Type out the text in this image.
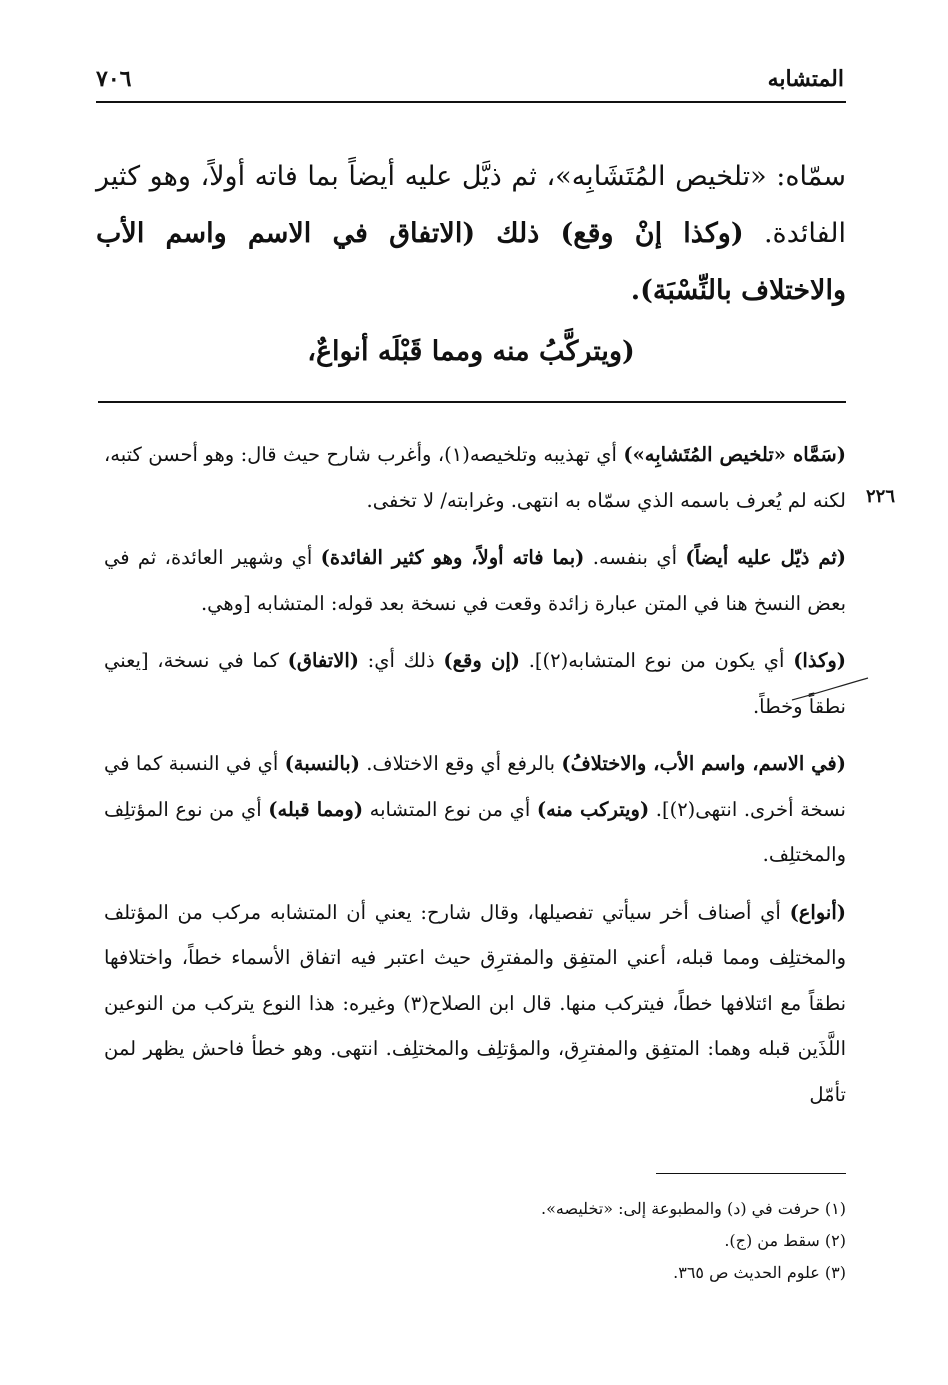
٧٠٦	المتشابه

سمّاه: «تلخيص المُتَشَابِه»، ثم ذيَّل عليه أيضاً بما فاته أولاً، وهو كثير الفائدة. (وكذا إنْ وقع) ذلك (الاتفاق في الاسم واسم الأب والاختلاف بالنِّسْبَة).

(ويتركَّبُ منه ومما قَبْلَه أنواعٌ،

٢٢٦

(سَمَّاه «تلخيص المُتَشابِه») أي تهذيبه وتلخيصه(١)، وأغرب شارح حيث قال: وهو أحسن كتبه، لكنه لم يُعرف باسمه الذي سمّاه به انتهى. وغرابته/ لا تخفى.

(ثم ذيّل عليه أيضاً) أي بنفسه. (بما فاته أولاً، وهو كثير الفائدة) أي وشهير العائدة، ثم في بعض النسخ هنا في المتن عبارة زائدة وقعت في نسخة بعد قوله: المتشابه [وهي.

(وكذا) أي يكون من نوع المتشابه(٢)]. (إن وقع) ذلك أي: (الاتفاق) كما في نسخة، [يعني نطقاً وخطاً.

(في الاسم، واسم الأب، والاختلافُ) بالرفع أي وقع الاختلاف. (بالنسبة) أي في النسبة كما في نسخة أخرى. انتهى(٢)]. (ويتركب منه) أي من نوع المتشابه (ومما قبله) أي من نوع المؤتلِف والمختلِف.

(أنواع) أي أصناف أخر سيأتي تفصيلها، وقال شارح: يعني أن المتشابه مركب من المؤتلف والمختلِف ومما قبله، أعني المتفِق والمفترِق حيث اعتبر فيه اتفاق الأسماء خطاً، واختلافها نطقاً مع ائتلافها خطاً، فيتركب منها. قال ابن الصلاح(٣) وغيره: هذا النوع يتركب من النوعين اللَّذَين قبله وهما: المتفِق والمفترِق، والمؤتلِف والمختلِف. انتهى. وهو خطأ فاحش يظهر لمن تأمّل

(١) حرفت في (د) والمطبوعة إلى: «تخليصه».
(٢) سقط من (ج).
(٣) علوم الحديث ص ٣٦٥.
